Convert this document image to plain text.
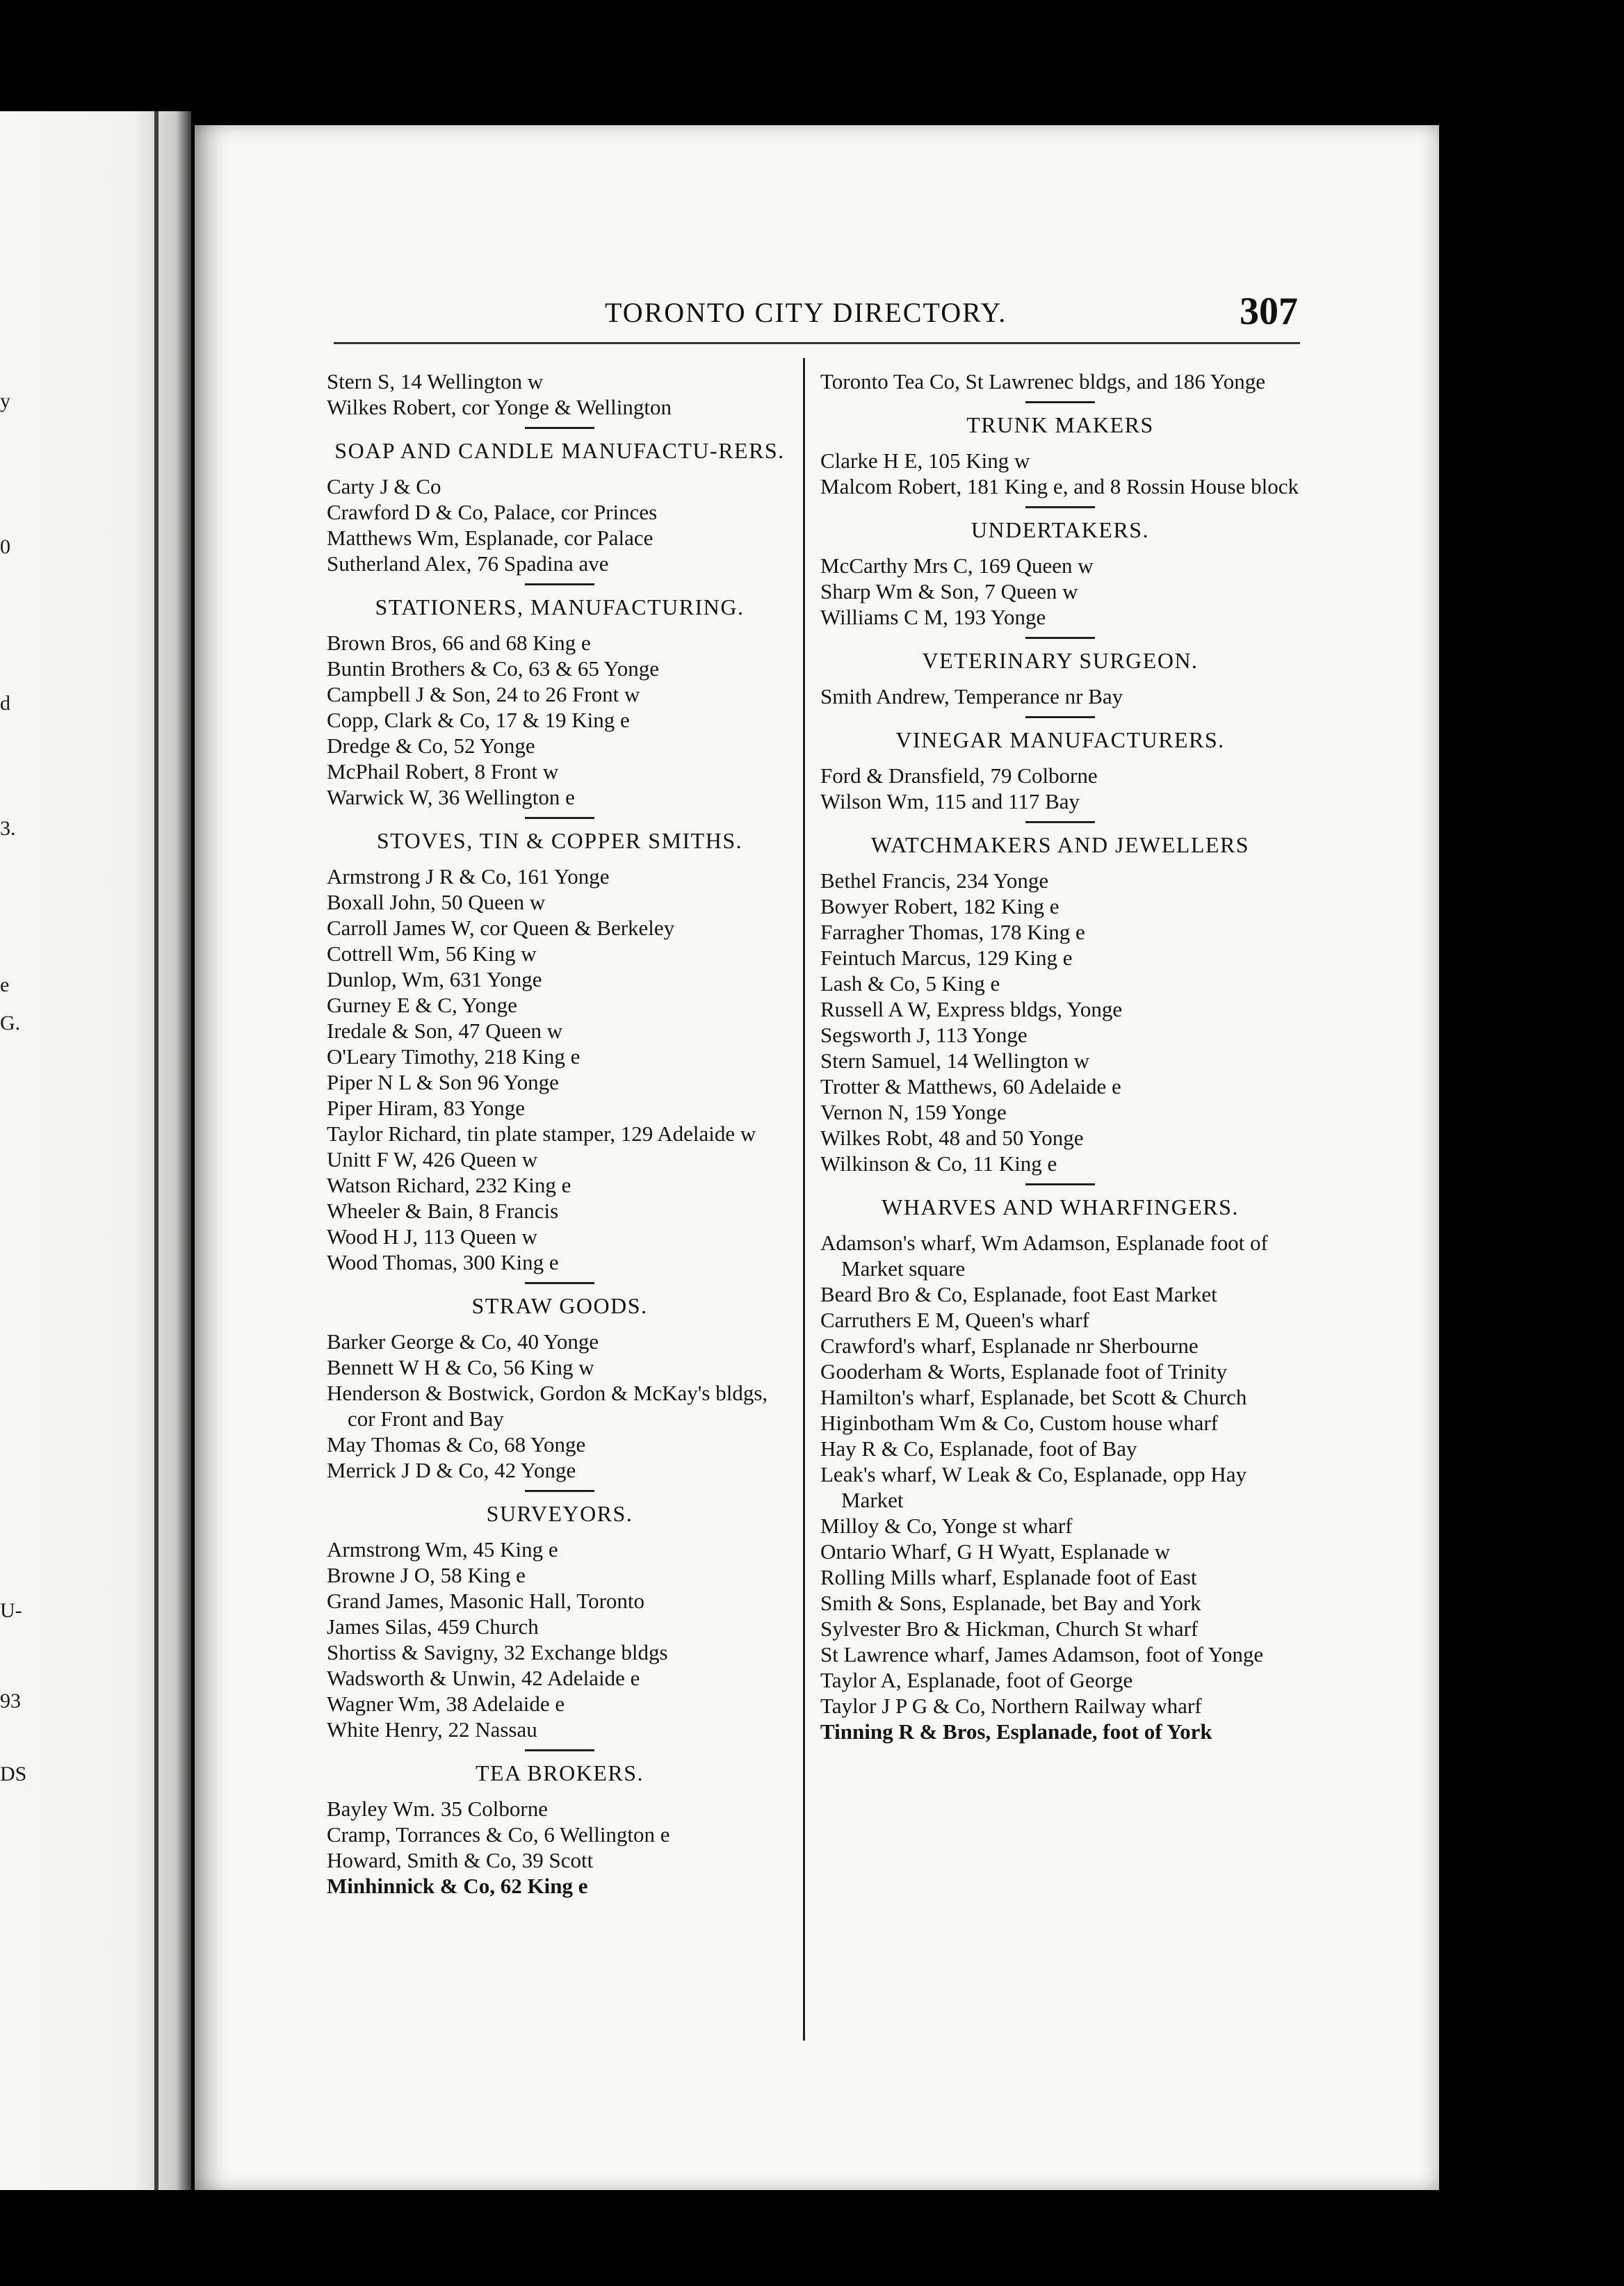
y
0
d
3.
e
G.
U-
93
DS
TORONTO CITY DIRECTORY.	307

Stern S, 14 Wellington w

Wilkes Robert, cor Yonge & Wellington

SOAP AND CANDLE MANUFACTU-RERS.

Carty J & Co

Crawford D & Co, Palace, cor Princes

Matthews Wm, Esplanade, cor Palace

Sutherland Alex, 76 Spadina ave

STATIONERS, MANUFACTURING.

Brown Bros, 66 and 68 King e

Buntin Brothers & Co, 63 & 65 Yonge

Campbell J & Son, 24 to 26 Front w

Copp, Clark & Co, 17 & 19 King e

Dredge & Co, 52 Yonge

McPhail Robert, 8 Front w

Warwick W, 36 Wellington e

STOVES, TIN & COPPER SMITHS.

Armstrong J R & Co, 161 Yonge

Boxall John, 50 Queen w

Carroll James W, cor Queen & Berkeley

Cottrell Wm, 56 King w

Dunlop, Wm, 631 Yonge

Gurney E & C, Yonge

Iredale & Son, 47 Queen w

O'Leary Timothy, 218 King e

Piper N L & Son 96 Yonge

Piper Hiram, 83 Yonge

Taylor Richard, tin plate stamper, 129 Adelaide w

Unitt F W, 426 Queen w

Watson Richard, 232 King e

Wheeler & Bain, 8 Francis

Wood H J, 113 Queen w

Wood Thomas, 300 King e

STRAW GOODS.

Barker George & Co, 40 Yonge

Bennett W H & Co, 56 King w

Henderson & Bostwick, Gordon & McKay's bldgs, cor Front and Bay

May Thomas & Co, 68 Yonge

Merrick J D & Co, 42 Yonge

SURVEYORS.

Armstrong Wm, 45 King e

Browne J O, 58 King e

Grand James, Masonic Hall, Toronto

James Silas, 459 Church

Shortiss & Savigny, 32 Exchange bldgs

Wadsworth & Unwin, 42 Adelaide e

Wagner Wm, 38 Adelaide e

White Henry, 22 Nassau

TEA BROKERS.

Bayley Wm. 35 Colborne

Cramp, Torrances & Co, 6 Wellington e

Howard, Smith & Co, 39 Scott

Minhinnick & Co, 62 King e

Toronto Tea Co, St Lawrenec bldgs, and 186 Yonge

TRUNK MAKERS

Clarke H E, 105 King w

Malcom Robert, 181 King e, and 8 Rossin House block

UNDERTAKERS.

McCarthy Mrs C, 169 Queen w

Sharp Wm & Son, 7 Queen w

Williams C M, 193 Yonge

VETERINARY SURGEON.

Smith Andrew, Temperance nr Bay

VINEGAR MANUFACTURERS.

Ford & Dransfield, 79 Colborne

Wilson Wm, 115 and 117 Bay

WATCHMAKERS AND JEWELLERS

Bethel Francis, 234 Yonge

Bowyer Robert, 182 King e

Farragher Thomas, 178 King e

Feintuch Marcus, 129 King e

Lash & Co, 5 King e

Russell A W, Express bldgs, Yonge

Segsworth J, 113 Yonge

Stern Samuel, 14 Wellington w

Trotter & Matthews, 60 Adelaide e

Vernon N, 159 Yonge

Wilkes Robt, 48 and 50 Yonge

Wilkinson & Co, 11 King e

WHARVES AND WHARFINGERS.

Adamson's wharf, Wm Adamson, Esplanade foot of Market square

Beard Bro & Co, Esplanade, foot East Market

Carruthers E M, Queen's wharf

Crawford's wharf, Esplanade nr Sherbourne

Gooderham & Worts, Esplanade foot of Trinity

Hamilton's wharf, Esplanade, bet Scott & Church

Higinbotham Wm & Co, Custom house wharf

Hay R & Co, Esplanade, foot of Bay

Leak's wharf, W Leak & Co, Esplanade, opp Hay Market

Milloy & Co, Yonge st wharf

Ontario Wharf, G H Wyatt, Esplanade w

Rolling Mills wharf, Esplanade foot of East

Smith & Sons, Esplanade, bet Bay and York

Sylvester Bro & Hickman, Church St wharf

St Lawrence wharf, James Adamson, foot of Yonge

Taylor A, Esplanade, foot of George

Taylor J P G & Co, Northern Railway wharf

Tinning R & Bros, Esplanade, foot of York
